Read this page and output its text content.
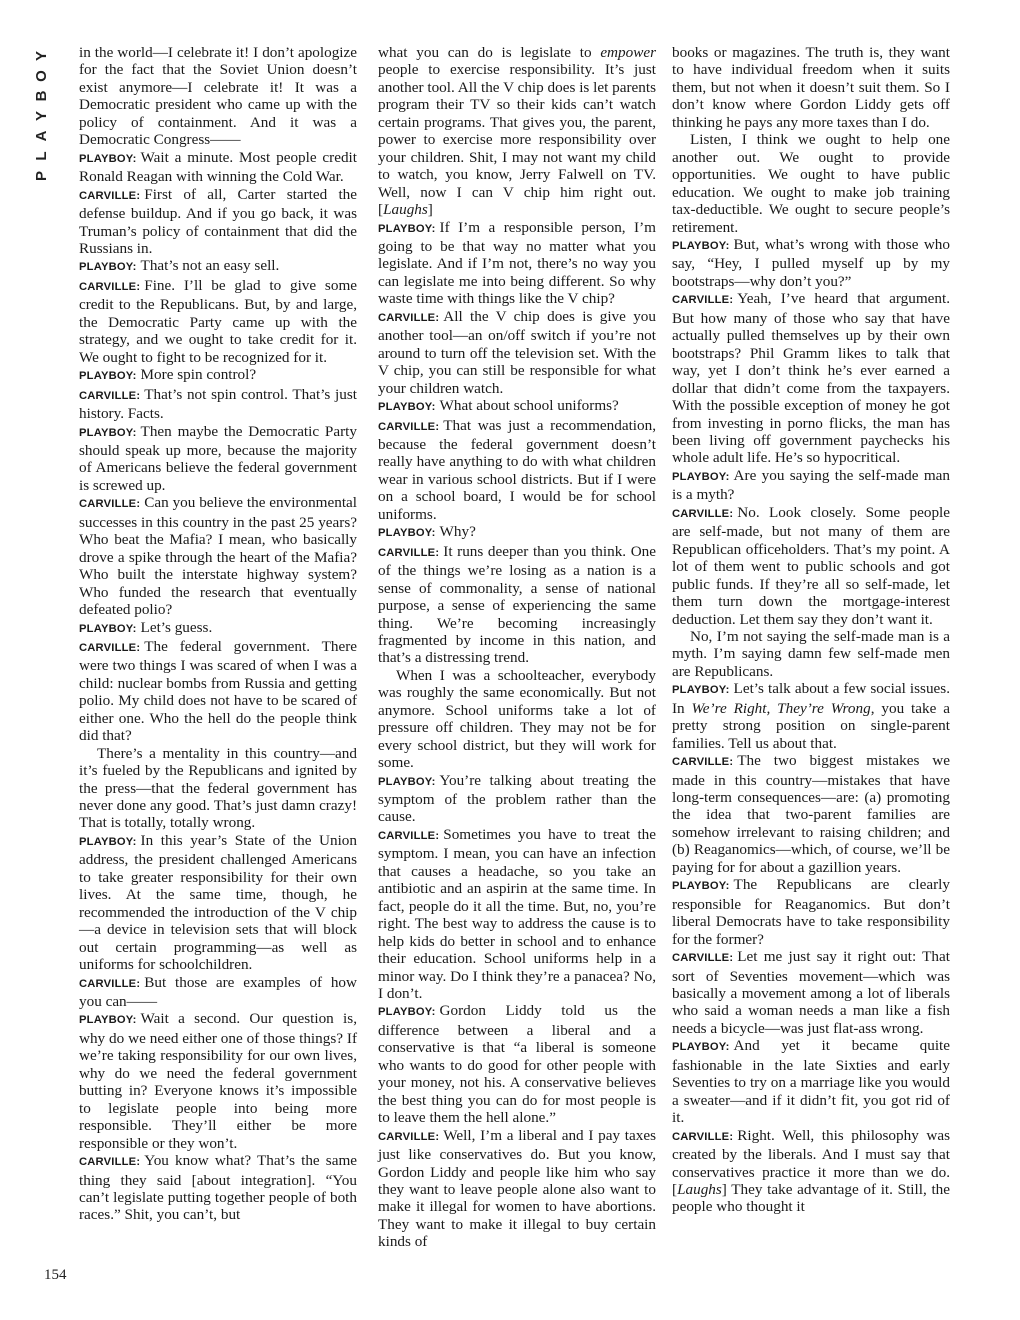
Y
O
B
Y
A
L
P

in the world—I celebrate it! I don’t apologize for the fact that the Soviet Union doesn’t exist anymore—I celebrate it! It was a Democratic president who came up with the policy of containment. And it was a Democratic Congress——

PLAYBOY: Wait a minute. Most people credit Ronald Reagan with winning the Cold War.

CARVILLE: First of all, Carter started the defense buildup. And if you go back, it was Truman’s policy of containment that did the Russians in.

PLAYBOY: That’s not an easy sell.

CARVILLE: Fine. I’ll be glad to give some credit to the Republicans. But, by and large, the Democratic Party came up with the strategy, and we ought to take credit for it. We ought to fight to be recognized for it.

PLAYBOY: More spin control?

CARVILLE: That’s not spin control. That’s just history. Facts.

PLAYBOY: Then maybe the Democratic Party should speak up more, because the majority of Americans believe the federal government is screwed up.

CARVILLE: Can you believe the environmental successes in this country in the past 25 years? Who beat the Mafia? I mean, who basically drove a spike through the heart of the Mafia? Who built the interstate highway system? Who funded the research that eventually defeated polio?

PLAYBOY: Let’s guess.

CARVILLE: The federal government. There were two things I was scared of when I was a child: nuclear bombs from Russia and getting polio. My child does not have to be scared of either one. Who the hell do the people think did that?

There’s a mentality in this country—and it’s fueled by the Republicans and ignited by the press—that the federal government has never done any good. That’s just damn crazy! That is totally, totally wrong.

PLAYBOY: In this year’s State of the Union address, the president challenged Americans to take greater responsibility for their own lives. At the same time, though, he recommended the introduction of the V chip—a device in television sets that will block out certain programming—as well as uniforms for schoolchildren.

CARVILLE: But those are examples of how you can——

PLAYBOY: Wait a second. Our question is, why do we need either one of those things? If we’re taking responsibility for our own lives, why do we need the federal government butting in? Everyone knows it’s impossible to legislate people into being more responsible. They’ll either be more responsible or they won’t.

CARVILLE: You know what? That’s the same thing they said [about integration]. “You can’t legislate putting together people of both races.” Shit, you can’t, but

what you can do is legislate to empower people to exercise responsibility. It’s just another tool. All the V chip does is let parents program their TV so their kids can’t watch certain programs. That gives you, the parent, power to exercise more responsibility over your children. Shit, I may not want my child to watch, you know, Jerry Falwell on TV. Well, now I can V chip him right out. [Laughs]

PLAYBOY: If I’m a responsible person, I’m going to be that way no matter what you legislate. And if I’m not, there’s no way you can legislate me into being different. So why waste time with things like the V chip?

CARVILLE: All the V chip does is give you another tool—an on/off switch if you’re not around to turn off the television set. With the V chip, you can still be responsible for what your children watch.

PLAYBOY: What about school uniforms?

CARVILLE: That was just a recommendation, because the federal government doesn’t really have anything to do with what children wear in various school districts. But if I were on a school board, I would be for school uniforms.

PLAYBOY: Why?

CARVILLE: It runs deeper than you think. One of the things we’re losing as a nation is a sense of commonality, a sense of national purpose, a sense of experiencing the same thing. We’re becoming increasingly fragmented by income in this nation, and that’s a distressing trend.

When I was a schoolteacher, everybody was roughly the same economically. But not anymore. School uniforms take a lot of pressure off children. They may not be for every school district, but they will work for some.

PLAYBOY: You’re talking about treating the symptom of the problem rather than the cause.

CARVILLE: Sometimes you have to treat the symptom. I mean, you can have an infection that causes a headache, so you take an antibiotic and an aspirin at the same time. In fact, people do it all the time. But, no, you’re right. The best way to address the cause is to help kids do better in school and to enhance their education. School uniforms help in a minor way. Do I think they’re a panacea? No, I don’t.

PLAYBOY: Gordon Liddy told us the difference between a liberal and a conservative is that “a liberal is someone who wants to do good for other people with your money, not his. A conservative believes the best thing you can do for most people is to leave them the hell alone.”

CARVILLE: Well, I’m a liberal and I pay taxes just like conservatives do. But you know, Gordon Liddy and people like him who say they want to leave people alone also want to make it illegal for women to have abortions. They want to make it illegal to buy certain kinds of

books or magazines. The truth is, they want to have individual freedom when it suits them, but not when it doesn’t suit them. So I don’t know where Gordon Liddy gets off thinking he pays any more taxes than I do.

Listen, I think we ought to help one another out. We ought to provide opportunities. We ought to have public education. We ought to make job training tax-deductible. We ought to secure people’s retirement.

PLAYBOY: But, what’s wrong with those who say, “Hey, I pulled myself up by my bootstraps—why don’t you?”

CARVILLE: Yeah, I’ve heard that argument. But how many of those who say that have actually pulled themselves up by their own bootstraps? Phil Gramm likes to talk that way, yet I don’t think he’s ever earned a dollar that didn’t come from the taxpayers. With the possible exception of money he got from investing in porno flicks, the man has been living off government paychecks his whole adult life. He’s so hypocritical.

PLAYBOY: Are you saying the self-made man is a myth?

CARVILLE: No. Look closely. Some people are self-made, but not many of them are Republican officeholders. That’s my point. A lot of them went to public schools and got public funds. If they’re all so self-made, let them turn down the mortgage-interest deduction. Let them say they don’t want it.

No, I’m not saying the self-made man is a myth. I’m saying damn few self-made men are Republicans.

PLAYBOY: Let’s talk about a few social issues. In We’re Right, They’re Wrong, you take a pretty strong position on single-parent families. Tell us about that.

CARVILLE: The two biggest mistakes we made in this country—mistakes that have long-term consequences—are: (a) promoting the idea that two-parent families are somehow irrelevant to raising children; and (b) Reaganomics—which, of course, we’ll be paying for for about a gazillion years.

PLAYBOY: The Republicans are clearly responsible for Reaganomics. But don’t liberal Democrats have to take responsibility for the former?

CARVILLE: Let me just say it right out: That sort of Seventies movement—which was basically a movement among a lot of liberals who said a woman needs a man like a fish needs a bicycle—was just flat-ass wrong.

PLAYBOY: And yet it became quite fashionable in the late Sixties and early Seventies to try on a marriage like you would a sweater—and if it didn’t fit, you got rid of it.

CARVILLE: Right. Well, this philosophy was created by the liberals. And I must say that conservatives practice it more than we do. [Laughs] They take advantage of it. Still, the people who thought it

154
